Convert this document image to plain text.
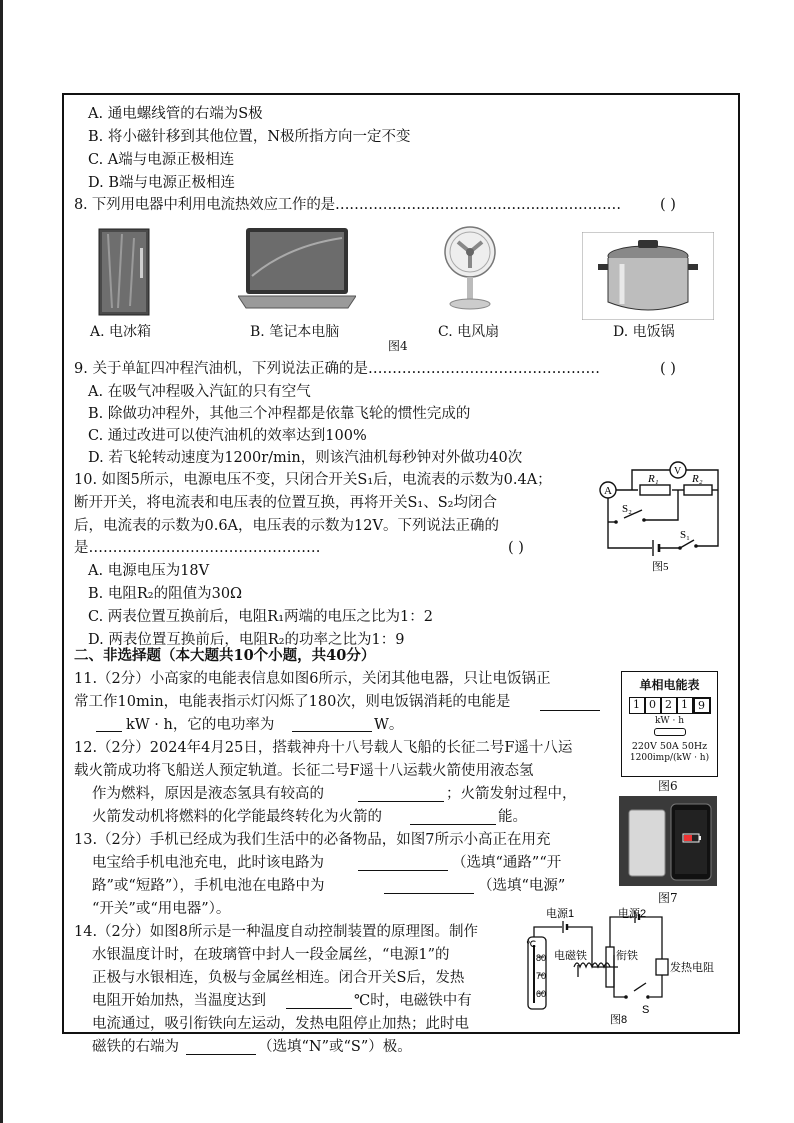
A. 通电螺线管的右端为S极
B. 将小磁针移到其他位置，N极所指方向一定不变
C. A端与电源正极相连
D. B端与电源正极相连
8. 下列用电器中利用电流热效应工作的是……………………………………………………	( )
A. 电冰箱	B. 笔记本电脑	C. 电风扇	D. 电饭锅
图4
9. 关于单缸四冲程汽油机，下列说法正确的是…………………………………………	( )
A. 在吸气冲程吸入汽缸的只有空气
B. 除做功冲程外，其他三个冲程都是依靠飞轮的惯性完成的
C. 通过改进可以使汽油机的效率达到100%
D. 若飞轮转动速度为1200r/min，则该汽油机每秒钟对外做功40次
10. 如图5所示，电源电压不变，只闭合开关S₁后，电流表的示数为0.4A；
断开开关，将电流表和电压表的位置互换，再将开关S₁、S₂均闭合
后，电流表的示数为0.6A，电压表的示数为12V。下列说法正确的
是…………………………………………	( )
A. 电源电压为18V
B. 电阻R₂的阻值为30Ω
C. 两表位置互换前后，电阻R₁两端的电压之比为1：2
D. 两表位置互换前后，电阻R₂的功率之比为1：9
A
V
R₁	R₂
S₂
S₁
图5
二、非选择题（本大题共10个小题，共40分）
11.（2分）小高家的电能表信息如图6所示，关闭其他电器，只让电饭锅正
常工作10min，电能表指示灯闪烁了180次，则电饭锅消耗的电能是
kW · h，它的电功率为	W。
单相电能表
1 0 2 1 9
kW · h
220V 50A 50Hz
1200imp/(kW · h)
图6
12.（2分）2024年4月25日，搭载神舟十八号载人飞船的长征二号F遥十八运
载火箭成功将飞船送人预定轨道。长征二号F遥十八运载火箭使用液态氢
作为燃料，原因是液态氢具有较高的	；火箭发射过程中，
火箭发动机将燃料的化学能最终转化为火箭的	能。
13.（2分）手机已经成为我们生活中的必备物品，如图7所示小高正在用充
电宝给手机电池充电，此时该电路为	（选填“通路”“开
路”或“短路”），手机电池在电路中为	（选填“电源”
“开关”或“用电器”）。
图7
14.（2分）如图8所示是一种温度自动控制装置的原理图。制作
水银温度计时，在玻璃管中封人一段金属丝，“电源1”的
正极与水银相连，负极与金属丝相连。闭合开关S后，发热
电阻开始加热，当温度达到	℃时，电磁铁中有
电流通过，吸引衔铁向左运动，发热电阻停止加热；此时电
磁铁的右端为	（选填“N”或“S”）极。
电源1	电源2
℃
80
70
60
电磁铁	衔铁
发热电阻
S
图8
